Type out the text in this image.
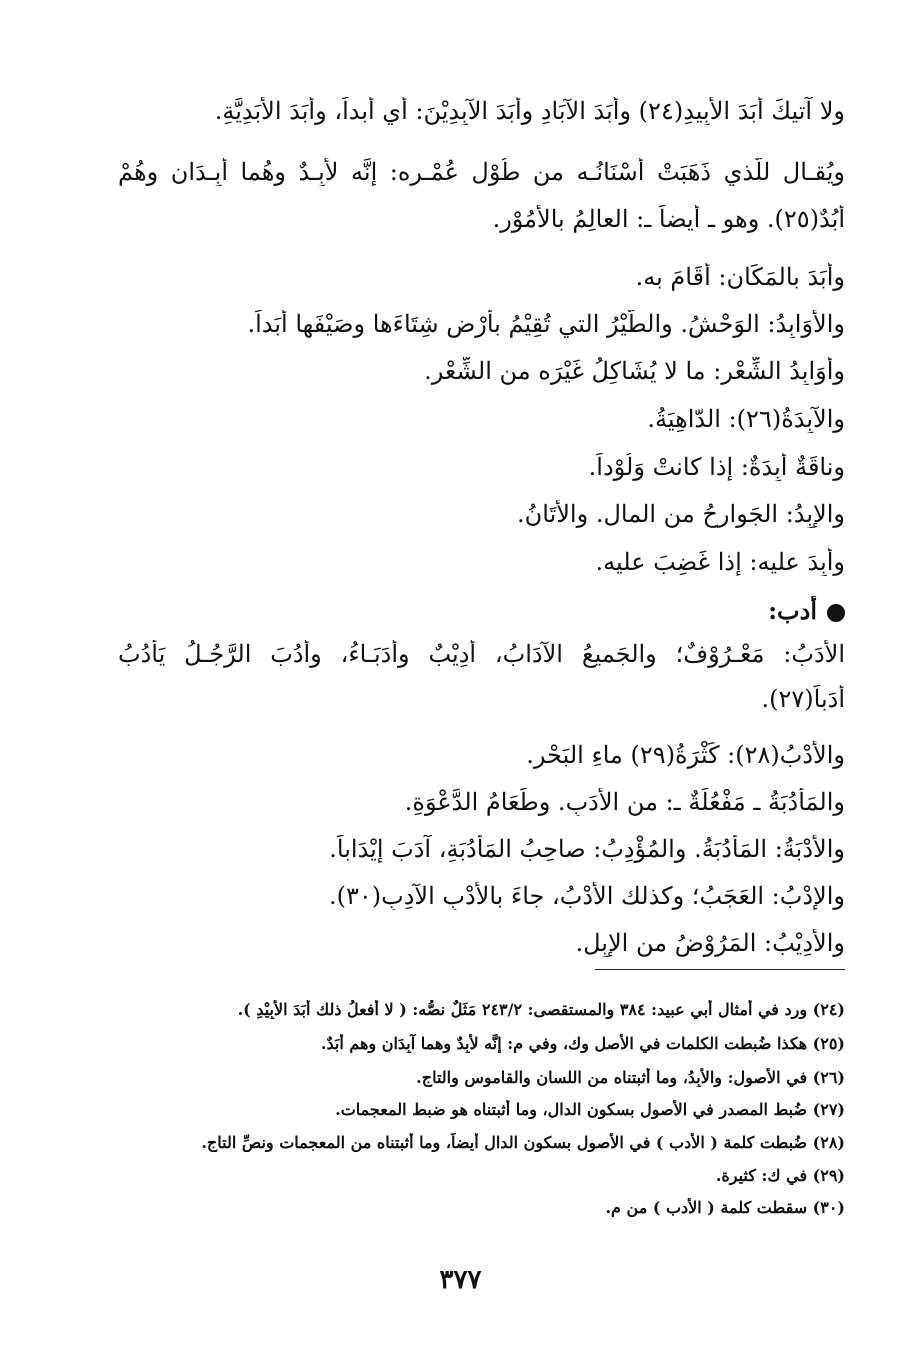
ولا آتيكَ أبَدَ الأبِيدِ(٢٤) وأبَدَ الآبَادِ وأبَدَ الآبِدِيْنَ: أي أبداً، وأبَدَ الأبَدِيَّةِ.
ويُقـال للّذي ذَهَبَتْ أسْنَانُـه من طُوْلِ عُمْـرِه: إنَّه لأبِـدٌ وهُما أبِـدَانِ وهُمْ
أبُدٌ(٢٥). وهو ـ أيضاً ـ: العالِمُ بالأُمُوْرِ.
وأبَدَ بالمَكَانِ: أقَامَ به.
والأوَابِدُ: الوَحْشُ. والطَّيْرُ التي تُقِيْمُ بأرْضٍ شِتَاءَها وصَيْفَها أبَداً.
وأوَابِدُ الشِّعْرِ: ما لا يُشَاكِلُ غَيْرَه من الشِّعْرِ.
والآبِدَةُ(٢٦): الدّاهِيَةُ.
وناقَةٌ أبِدَةٌ: إذا كانتْ وَلُوْداً.
والإبِدُ: الجَوارِحُ من المالِ. والأتَانُ.
وأبِدَ عليه: إذا غَضِبَ عليه.
أدب:
الأدَبُ: مَعْـرُوْفٌ؛ والجَميعُ الآدَابُ، أدِيْبٌ وأُدَبَـاءُ، وأدُبَ الرَّجُـلُ يَأْدُبُ
أدَباً(٢٧).
والأدْبُ(٢٨): كَثْرَةُ(٢٩) ماءِ البَحْرِ.
والمَأْدُبَةُ ـ مَفْعُلَةٌ ـ: من الأدَبِ. وطَعَامُ الدَّعْوَةِ.
والأُدْبَةُ: المَأْدُبَةُ. والمُؤْدِبُ: صاحِبُ المَأْدُبَةِ، آدَبَ إيْدَاباً.
والإدْبُ: العَجَبُ؛ وكذلك الأدْبُ، جاءَ بالأدْبِ الآدِبِ(٣٠).
والأدِيْبُ: المَرُوْضُ من الإبِلِ.
(٢٤) ورد في أمثال أبي عبيد: ٣٨٤ والمستقصى: ٢٤٣/٢ مَثَلٌ نصُّه: ( لا أفعلُ ذلك أبَدَ الأبِيْدِ ).
(٢٥) هكذا ضُبطت الكلمات في الأصل وك، وفي م: إنَّه لأبِدٌ وهما آبِدَانِ وهم أُبَدٌ.
(٢٦) في الأصول: والأبِدُ، وما أثبتناه من اللسان والقاموس والتاج.
(٢٧) ضُبط المصدر في الأصول بسكون الدال، وما أثبتناه هو ضبط المعجمات.
(٢٨) ضُبطت كلمة ( الأدب ) في الأصول بسكون الدال أيضاً، وما أثبتناه من المعجمات ونصِّ التاج.
(٢٩) في ك: كثيرة.
(٣٠) سقطت كلمة ( الأدب ) من م.
٣٧٧
